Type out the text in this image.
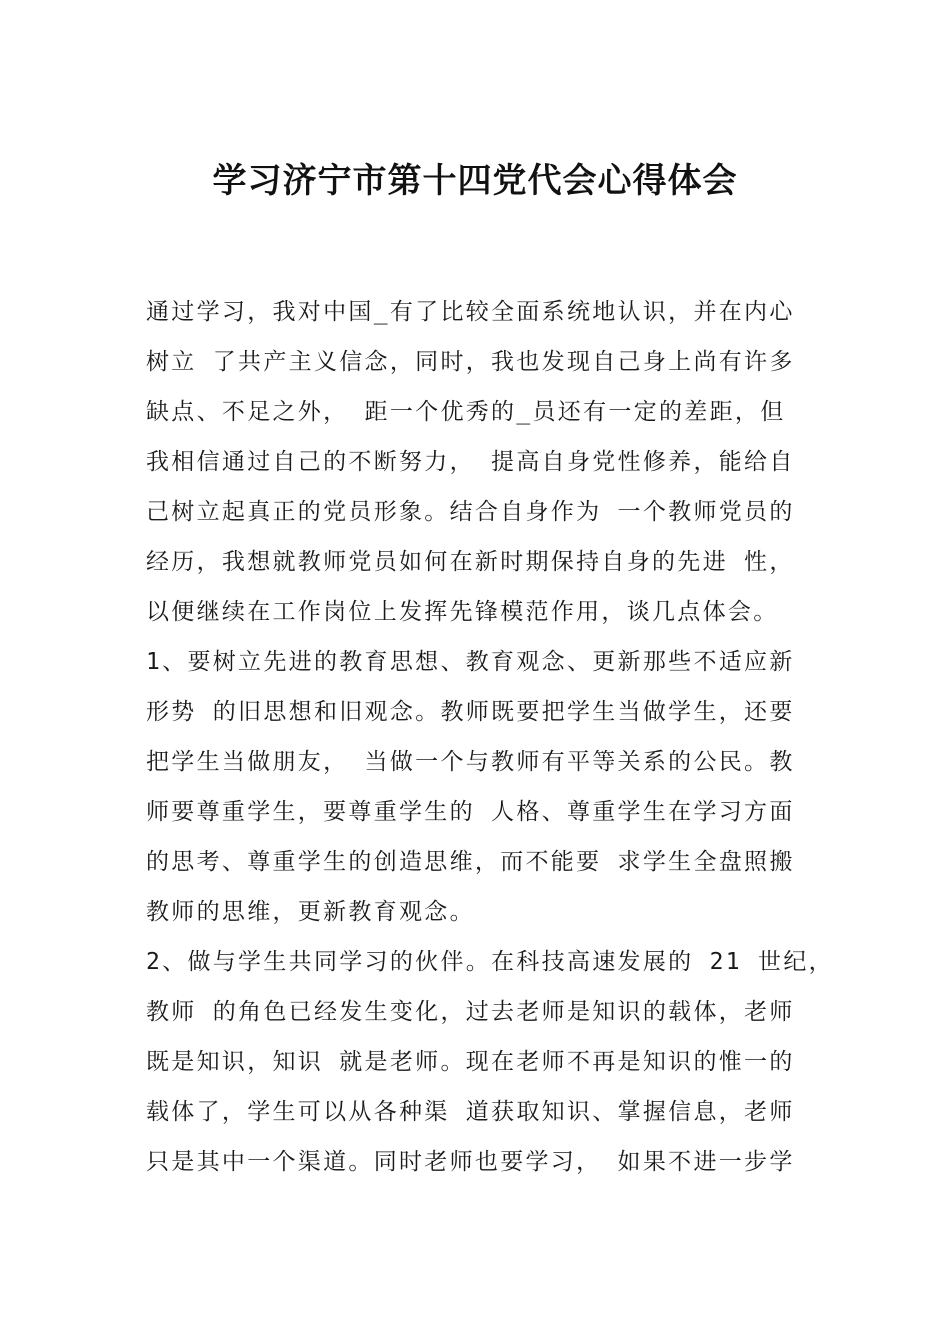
学习济宁市第十四党代会心得体会
通过学习，我对中国_有了比较全面系统地认识，并在内心
树立 了共产主义信念，同时，我也发现自己身上尚有许多
缺点、不足之外， 距一个优秀的_员还有一定的差距，但
我相信通过自己的不断努力， 提高自身党性修养，能给自
己树立起真正的党员形象。结合自身作为 一个教师党员的
经历，我想就教师党员如何在新时期保持自身的先进 性，
以便继续在工作岗位上发挥先锋模范作用，谈几点体会。
1、要树立先进的教育思想、教育观念、更新那些不适应新
形势 的旧思想和旧观念。教师既要把学生当做学生，还要
把学生当做朋友， 当做一个与教师有平等关系的公民。教
师要尊重学生，要尊重学生的 人格、尊重学生在学习方面
的思考、尊重学生的创造思维，而不能要 求学生全盘照搬
教师的思维，更新教育观念。
2、做与学生共同学习的伙伴。在科技高速发展的 21 世纪，
教师 的角色已经发生变化，过去老师是知识的载体，老师
既是知识，知识 就是老师。现在老师不再是知识的惟一的
载体了，学生可以从各种渠 道获取知识、掌握信息，老师
只是其中一个渠道。同时老师也要学习， 如果不进一步学
